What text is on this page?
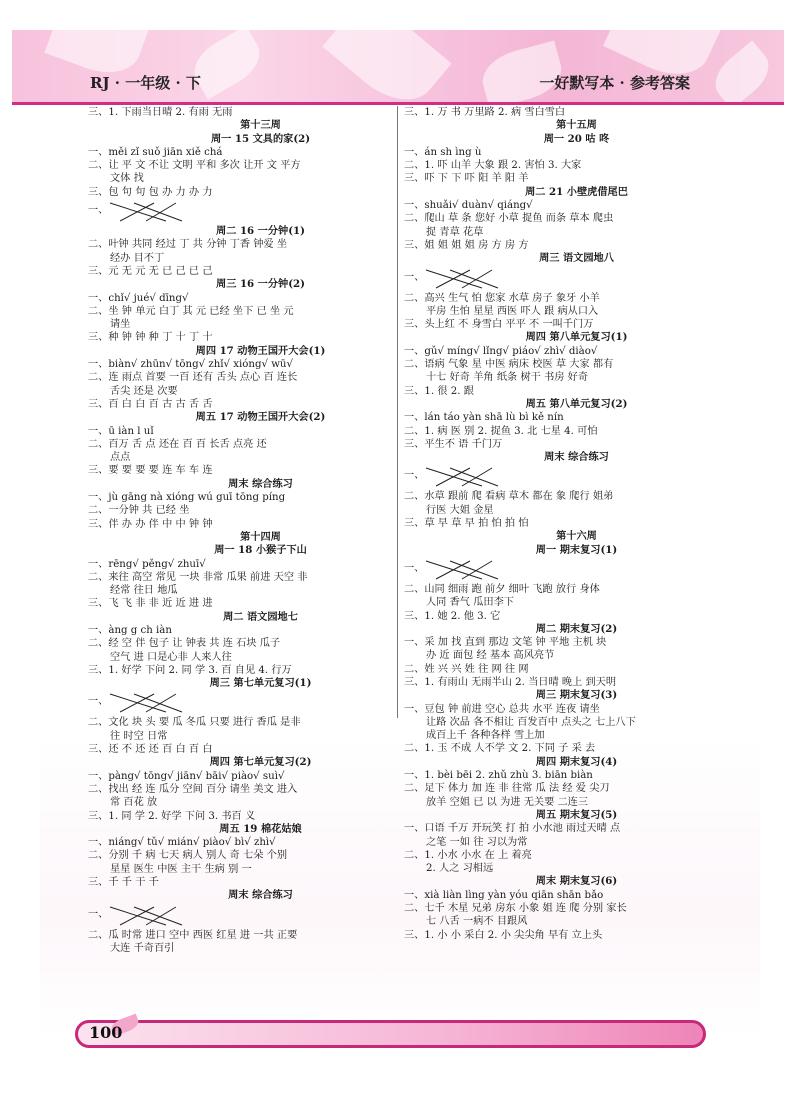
RJ · 一年级 · 下	一好默写本 · 参考答案
三、1. 下雨当日晴 2. 有雨 无雨
第十三周
周一 15 文具的家(2)
一、měi zǐ suǒ jiān xiě chá
二、让 平 文 不让 文明 平和 多次 让开 文 平方
文体 找
三、包 句 句 包 办 力 办 力
一、
周二 16 一分钟(1)
二、叶钟 共同 经过 丁 共 分钟 丁香 钟爱 坐
经办 目不丁
三、元 无 元 无 已 己 已 己
周三 16 一分钟(2)
一、chǐ√ jué√ dīng√
二、坐 钟 单元 白丁 其 元 已经 坐下 已 坐 元
请坐
三、种 钟 钟 种 丁 十 丁 十
周四 17 动物王国开大会(1)
一、biàn√ zhūn√ tōng√ zhǐ√ xióng√ wū√
二、连 雨点 首要 一百 还有 舌头 点心 百 连长
舌尖 还是 次要
三、百 白 白 百 古 古 舌 舌
周五 17 动物王国开大会(2)
一、ū iàn l uǐ
二、百万 舌 点 还在 百 百 长舌 点亮 还
点点
三、要 要 要 要 连 车 车 连
周末 综合练习
一、jù gāng nà xióng wú guī tōng píng
二、一分钟 共 已经 坐
三、伴 办 办 伴 中 中 钟 钟
第十四周
周一 18 小猴子下山
一、rēng√ pěng√ zhuī√
二、来往 高空 常见 一块 非常 瓜果 前进 天空 非
经常 往日 地瓜
三、飞 飞 非 非 近 近 进 进
周二 语文园地七
一、àng g ch iàn
二、经 空 伴 包子 让 钟表 共 连 石块 瓜子
空气 进 口是心非 人来人往
三、1. 好学 下问 2. 同 学 3. 百 自见 4. 行万
周三 第七单元复习(1)
一、
二、文化 块 头 要 瓜 冬瓜 只要 进行 香瓜 是非
往 时空 日常
三、还 不 还 还 百 白 百 白
周四 第七单元复习(2)
一、pàng√ tōng√ jiān√ bāi√ piào√ suì√
二、找出 经 连 瓜分 空间 百分 请坐 美文 进入
常 百花 放
三、1. 同 学 2. 好学 下问 3. 书百 义
周五 19 棉花姑娘
一、niáng√ tǔ√ mián√ piào√ bì√ zhì√
二、分别 千 病 七天 病人 别人 奇 七朵 个别
星星 医生 中医 主干 生病 别 一
三、千 千 干 千
周末 综合练习
一、
二、瓜 时常 进口 空中 西医 红星 进 一共 正要
大连 千奇百引
三、1. 万 书 万里路 2. 病 雪白雪白
第十五周
周一 20 咕 咚
一、án sh ìng ù
二、1. 吓 山羊 大象 跟 2. 害怕 3. 大家
三、吓 下 下 吓 阳 羊 阳 羊
周二 21 小壁虎借尾巴
一、shuǎi√ duàn√ qiáng√
二、爬山 草 条 您好 小草 捉鱼 而条 草本 爬虫
捉 青草 花草
三、姐 姐 姐 姐 房 方 房 方
周三 语文园地八
一、
二、高兴 生气 怕 您家 水草 房子 象牙 小羊
平房 生怕 星星 西医 吓人 跟 病从口入
三、头上红 不 身雪白 平平 不 一叫千门万
周四 第八单元复习(1)
一、gǔ√ míng√ lǐng√ piáo√ zhì√ diào√
二、语病 气象 星 中医 病床 校医 草 大家 都有
十七 好奇 羊角 纸条 树干 书房 好奇
三、1. 很 2. 跟
周五 第八单元复习(2)
一、lán táo yàn shā lù bì kě nín
二、1. 病 医 别 2. 捉鱼 3. 北 七星 4. 可怕
三、平生不 语 千门万
周末 综合练习
一、
二、水草 跟前 爬 看病 草木 都在 象 爬行 姐弟
行医 大姐 金星
三、草 早 草 早 拍 怕 拍 怕
第十六周
周一 期末复习(1)
一、
二、山同 细雨 跑 前夕 细叶 飞跑 放行 身体
人同 香气 瓜田李下
三、1. 她 2. 他 3. 它
周二 期末复习(2)
一、采 加 找 直到 那边 文笔 钟 平地 主机 块
办 近 面包 经 基本 高风亮节
二、姓 兴 兴 姓 往 网 往 网
三、1. 有雨山 无雨半山 2. 当日晴 晚上 到天明
周三 期末复习(3)
一、豆包 钟 前进 空心 总共 水平 连夜 请坐
让路 次品 各不相让 百发百中 点头之 七上八下
成百上千 各种各样 雪上加
二、1. 玉 不成 人不学 文 2. 下同 子 采 去
周四 期末复习(4)
一、1. bèi bēi 2. zhǔ zhù 3. biān biàn
二、足下 体力 加 连 非 往常 瓜 法 经 爱 尖刀
放羊 空姐 已 以 为进 无关要 二连三
周五 期末复习(5)
一、口语 千万 开玩笑 打 拍 小水池 雨过天晴 点
之笔 一如 往 习以为常
二、1. 小水 小水 在 上 着亮
2. 人之 习相远
周末 期末复习(6)
一、xià liàn lìng yàn yóu qiān shān bǎo
二、七千 木星 兄弟 房东 小象 姐 连 爬 分别 家长
七 八舌 一病不 目跟风
三、1. 小 小 采白 2. 小 尖尖角 早有 立上头
100
